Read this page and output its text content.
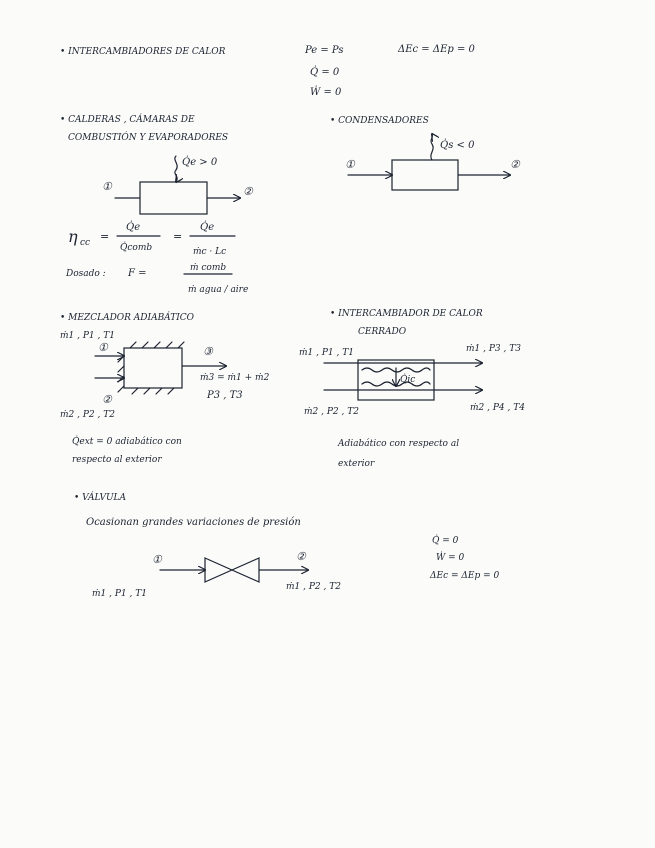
• INTERCAMBIADORES DE CALOR	Pe = Ps	ΔEc = ΔEp = 0
Q̇ = 0
Ẇ = 0
• CALDERAS , CÁMARAS DE
COMBUSTIÓN Y EVAPORADORES
Q̇e > 0
①	②
η cc =
Q̇e
Q̇comb
=
Q̇e
ṁc · Lc
Dosado : F =	ṁ comb
ṁ agua / aire
• CONDENSADORES
Q̇s < 0
①	②
• MEZCLADOR ADIABÁTICO
ṁ1 , P1 , T1
①
②
③
ṁ3 = ṁ1 + ṁ2
P3 , T3
ṁ2 , P2 , T2
Q̇ext = 0 adiabático con
respecto al exterior
• INTERCAMBIADOR DE CALOR
CERRADO
ṁ1 , P1 , T1	ṁ1 , P3 , T3
Q̇ic
ṁ2 , P2 , T2	ṁ2 , P4 , T4
Adiabático con respecto al
exterior
• VÁLVULA
Ocasionan grandes variaciones de presión
Q̇ = 0
Ẇ = 0
ΔEc = ΔEp = 0
①	②
ṁ1 , P1 , T1
ṁ1 , P2 , T2
